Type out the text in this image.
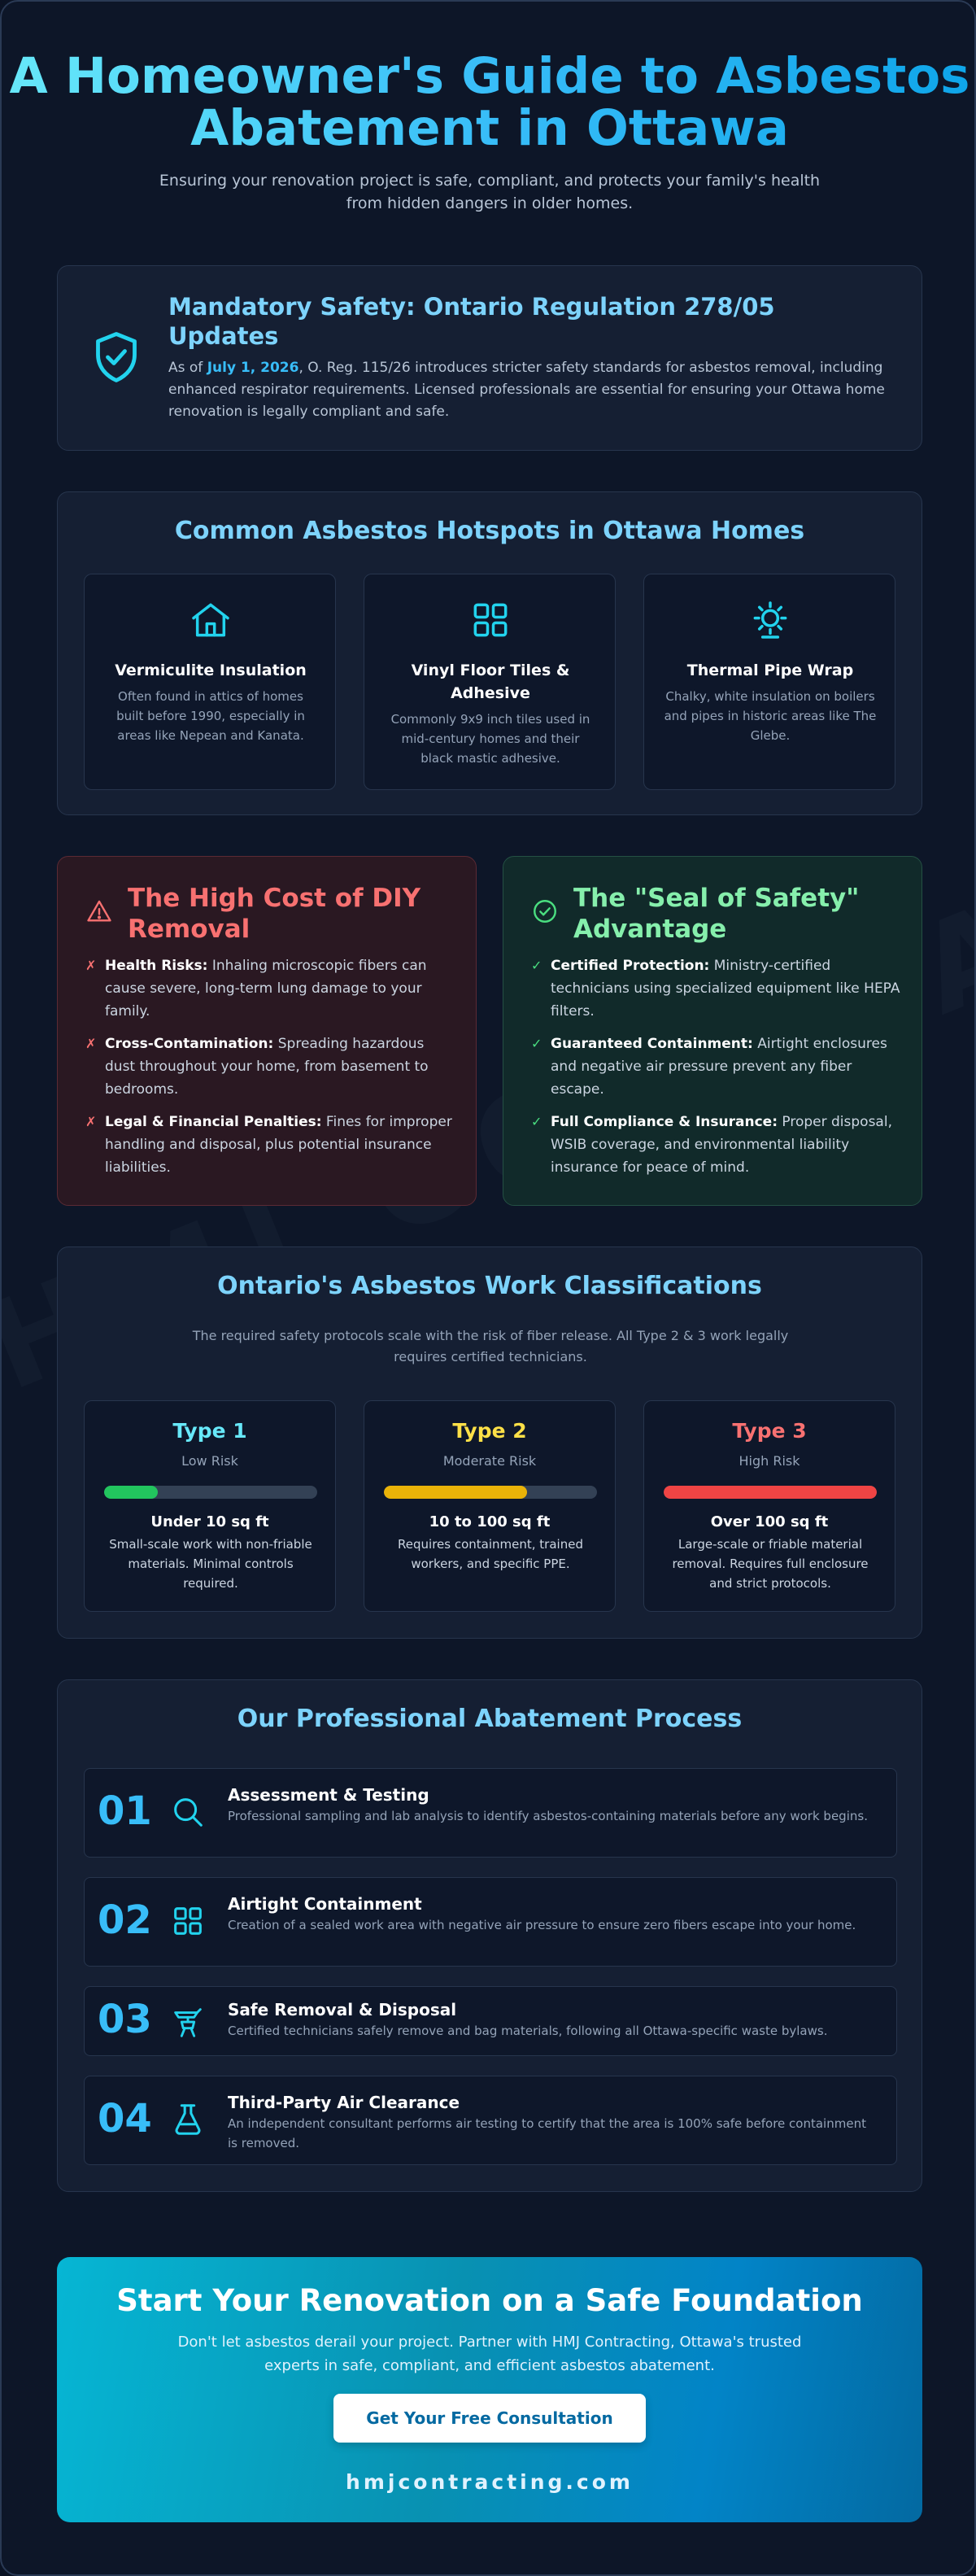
A Homeowner's Guide to Asbestos Abatement in Ottawa

Ensuring your renovation project is safe, compliant, and protects your family's health from hidden dangers in older homes.

Mandatory Safety: Ontario Regulation 278/05 Updates

As of July 1, 2026, O. Reg. 115/26 introduces stricter safety standards for asbestos removal, including enhanced respirator requirements. Licensed professionals are essential for ensuring your Ottawa home renovation is legally compliant and safe.

Common Asbestos Hotspots in Ottawa Homes
Vermiculite Insulation
Often found in attics of homes built before 1990, especially in areas like Nepean and Kanata.
Vinyl Floor Tiles & Adhesive
Commonly 9x9 inch tiles used in mid-century homes and their black mastic adhesive.
Thermal Pipe Wrap
Chalky, white insulation on boilers and pipes in historic areas like The Glebe.
The High Cost of DIY Removal
✗ Health Risks: Inhaling microscopic fibers can cause severe, long-term lung damage to your family.

✗ Cross-Contamination: Spreading hazardous dust throughout your home, from basement to bedrooms.

✗ Legal & Financial Penalties: Fines for improper handling and disposal, plus potential insurance liabilities.

The "Seal of Safety" Advantage
✓ Certified Protection: Ministry-certified technicians using specialized equipment like HEPA filters.

✓ Guaranteed Containment: Airtight enclosures and negative air pressure prevent any fiber escape.

✓ Full Compliance & Insurance: Proper disposal, WSIB coverage, and environmental liability insurance for peace of mind.

Ontario's Asbestos Work Classifications

The required safety protocols scale with the risk of fiber release. All Type 2 & 3 work legally requires certified technicians.

Type 1
Low Risk
Under 10 sq ft
Small-scale work with non-friable materials. Minimal controls required.
Type 2
Moderate Risk
10 to 100 sq ft
Requires containment, trained workers, and specific PPE.
Type 3
High Risk
Over 100 sq ft
Large-scale or friable material removal. Requires full enclosure and strict protocols.
Our Professional Abatement Process
01	Assessment & Testing
Professional sampling and lab analysis to identify asbestos-containing materials before any work begins.
02	Airtight Containment
Creation of a sealed work area with negative air pressure to ensure zero fibers escape into your home.
03	Safe Removal & Disposal
Certified technicians safely remove and bag materials, following all Ottawa-specific waste bylaws.
04	Third-Party Air Clearance
An independent consultant performs air testing to certify that the area is 100% safe before containment is removed.
Start Your Renovation on a Safe Foundation

Don't let asbestos derail your project. Partner with HMJ Contracting, Ottawa's trusted experts in safe, compliant, and efficient asbestos abatement.

Get Your Free Consultation
hmjcontracting.com
